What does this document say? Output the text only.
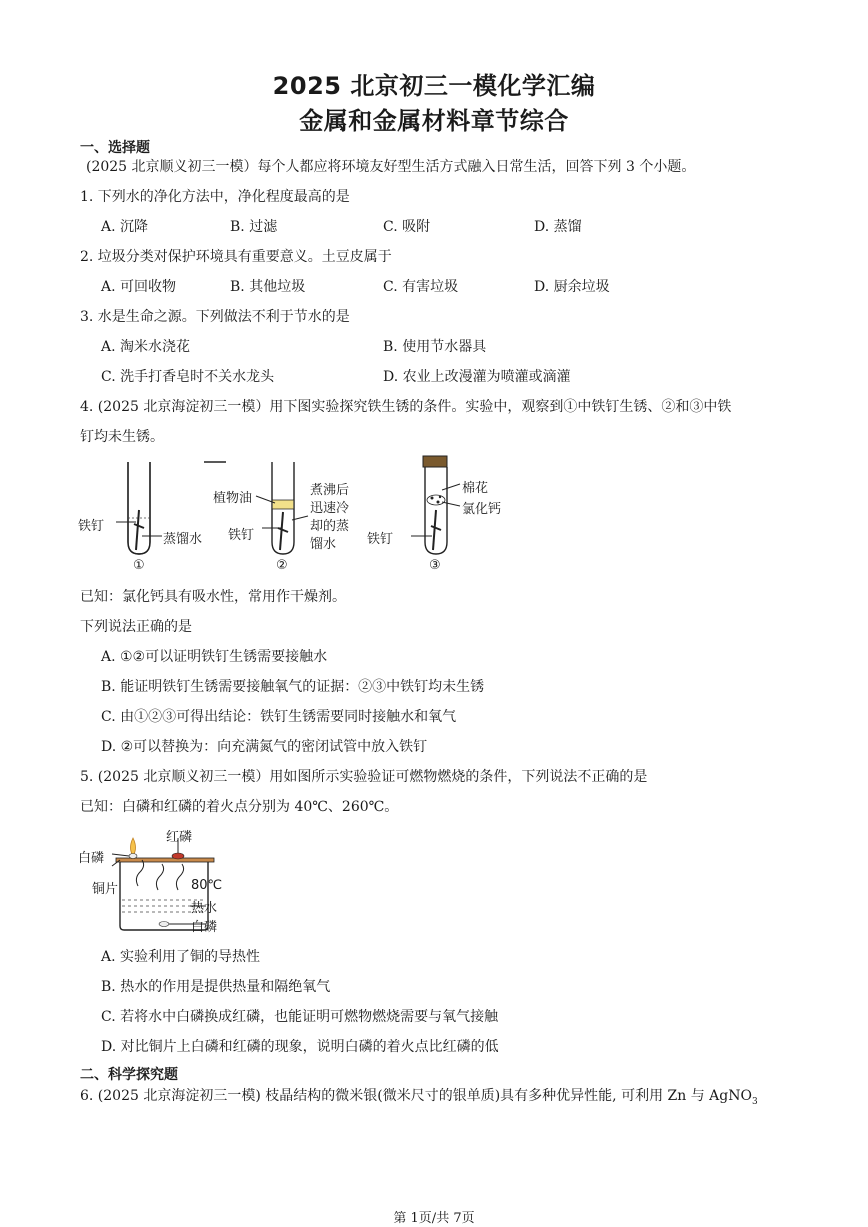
2025 北京初三一模化学汇编
金属和金属材料章节综合
一、选择题
(2025 北京顺义初三一模）每个人都应将环境友好型生活方式融入日常生活，回答下列 3 个小题。
1. 下列水的净化方法中，净化程度最高的是
A. 沉降	B. 过滤	C. 吸附	D. 蒸馏
2. 垃圾分类对保护环境具有重要意义。土豆皮属于
A. 可回收物	B. 其他垃圾	C. 有害垃圾	D. 厨余垃圾
3. 水是生命之源。下列做法不利于节水的是
A. 淘米水浇花	B. 使用节水器具
C. 洗手打香皂时不关水龙头	D. 农业上改漫灌为喷灌或滴灌
4. (2025 北京海淀初三一模）用下图实验探究铁生锈的条件。实验中，观察到①中铁钉生锈、②和③中铁
钉均未生锈。
铁钉
蒸馏水
①
植物油
铁钉
煮沸后
迅速冷
却的蒸
馏水
②
棉花
氯化钙
铁钉
③
已知：氯化钙具有吸水性，常用作干燥剂。
下列说法正确的是
A. ①②可以证明铁钉生锈需要接触水
B. 能证明铁钉生锈需要接触氧气的证据：②③中铁钉均未生锈
C. 由①②③可得出结论：铁钉生锈需要同时接触水和氧气
D. ②可以替换为：向充满氮气的密闭试管中放入铁钉
5. (2025 北京顺义初三一模）用如图所示实验验证可燃物燃烧的条件，下列说法不正确的是
已知：白磷和红磷的着火点分别为 40℃、260℃。
红磷
白磷
铜片	80℃
热水
白磷
A. 实验利用了铜的导热性
B. 热水的作用是提供热量和隔绝氧气
C. 若将水中白磷换成红磷，也能证明可燃物燃烧需要与氧气接触
D. 对比铜片上白磷和红磷的现象，说明白磷的着火点比红磷的低
二、科学探究题
6. (2025 北京海淀初三一模) 枝晶结构的微米银(微米尺寸的银单质)具有多种优异性能, 可利用 Zn 与 AgNO$_3$
第 1页/共 7页
